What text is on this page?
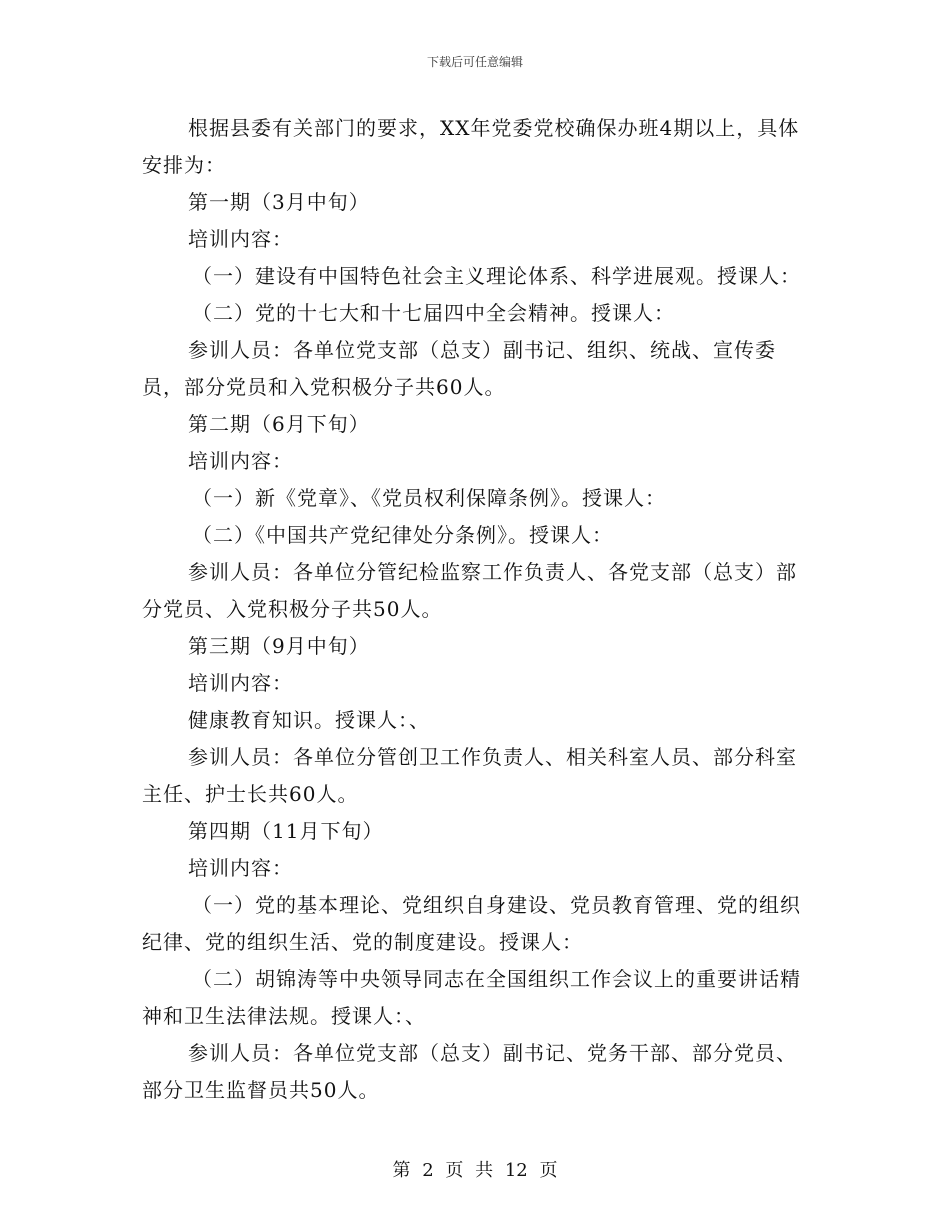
下载后可任意编辑

根据县委有关部门的要求，XX年党委党校确保办班4期以上，具体安排为：

第一期（3月中旬）

培训内容：

（一）建设有中国特色社会主义理论体系、科学进展观。授课人：

（二）党的十七大和十七届四中全会精神。授课人：

参训人员：各单位党支部（总支）副书记、组织、统战、宣传委员，部分党员和入党积极分子共60人。

第二期（6月下旬）

培训内容：

（一）新《党章》、《党员权利保障条例》。授课人：

（二）《中国共产党纪律处分条例》。授课人：

参训人员：各单位分管纪检监察工作负责人、各党支部（总支）部分党员、入党积极分子共50人。

第三期（9月中旬）

培训内容：

健康教育知识。授课人：、

参训人员：各单位分管创卫工作负责人、相关科室人员、部分科室主任、护士长共60人。

第四期（11月下旬）

培训内容：

（一）党的基本理论、党组织自身建设、党员教育管理、党的组织纪律、党的组织生活、党的制度建设。授课人：

（二）胡锦涛等中央领导同志在全国组织工作会议上的重要讲话精神和卫生法律法规。授课人：、

参训人员：各单位党支部（总支）副书记、党务干部、部分党员、部分卫生监督员共50人。

第 2 页 共 12 页
